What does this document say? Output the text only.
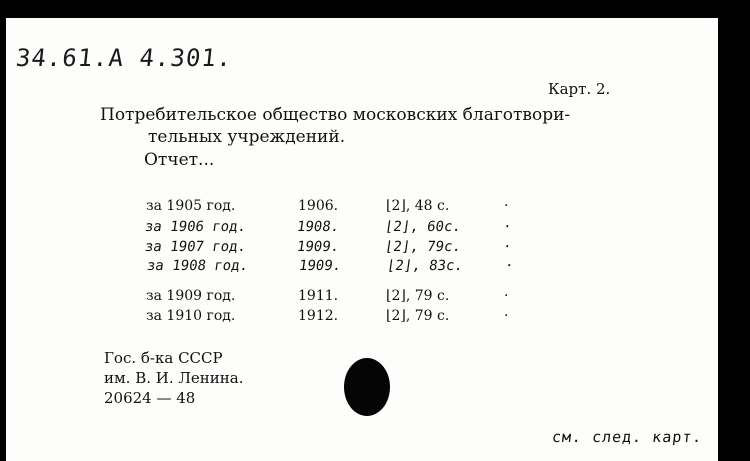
34.61.А 4.301.
Карт. 2.
Потребительское общество московских благотвори-
тельных учреждений.
Отчет...
за 1905 год.	1906.	⌊2⌋, 48 с.	·
за 1906 год.	1908.	⌊2⌋, 60с.	·
за 1907 год.	1909.	⌊2⌋, 79с.	·
за 1908 год.	1909.	⌊2⌋, 83с.	·
за 1909 год.	1911.	⌊2⌋, 79 с.	·
за 1910 год.	1912.	⌊2⌋, 79 с.	·
Гос. б-ка СССР
им. В. И. Ленина.
20624 — 48
см. след. карт.
